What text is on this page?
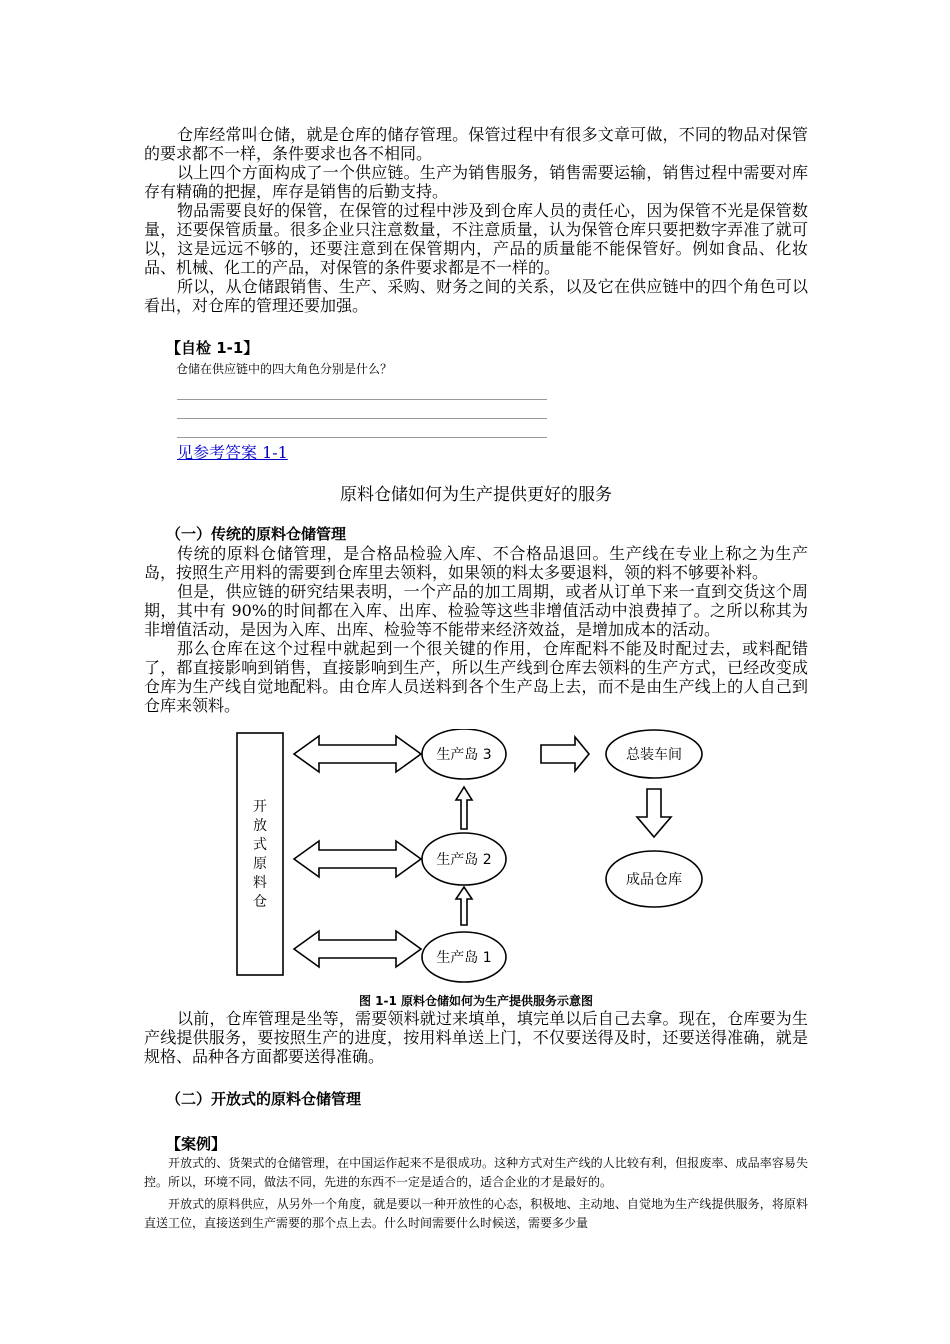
仓库经常叫仓储，就是仓库的储存管理。保管过程中有很多文章可做，不同的物品对保管的要求都不一样，条件要求也各不相同。

以上四个方面构成了一个供应链。生产为销售服务，销售需要运输，销售过程中需要对库存有精确的把握，库存是销售的后勤支持。

物品需要良好的保管，在保管的过程中涉及到仓库人员的责任心，因为保管不光是保管数量，还要保管质量。很多企业只注意数量，不注意质量，认为保管仓库只要把数字弄准了就可以，这是远远不够的，还要注意到在保管期内，产品的质量能不能保管好。例如食品、化妆品、机械、化工的产品，对保管的条件要求都是不一样的。

所以，从仓储跟销售、生产、采购、财务之间的关系，以及它在供应链中的四个角色可以看出，对仓库的管理还要加强。

【自检 1-1】
仓储在供应链中的四大角色分别是什么？
见参考答案 1-1
原料仓储如何为生产提供更好的服务
（一）传统的原料仓储管理

传统的原料仓储管理，是合格品检验入库、不合格品退回。生产线在专业上称之为生产岛，按照生产用料的需要到仓库里去领料，如果领的料太多要退料，领的料不够要补料。

但是，供应链的研究结果表明，一个产品的加工周期，或者从订单下来一直到交货这个周期，其中有 90%的时间都在入库、出库、检验等这些非增值活动中浪费掉了。之所以称其为非增值活动，是因为入库、出库、检验等不能带来经济效益，是增加成本的活动。

那么仓库在这个过程中就起到一个很关键的作用，仓库配料不能及时配过去，或料配错了，都直接影响到销售，直接影响到生产，所以生产线到仓库去领料的生产方式，已经改变成仓库为生产线自觉地配料。由仓库人员送料到各个生产岛上去，而不是由生产线上的人自己到仓库来领料。

开
放
式
原
料
仓
生产岛 3
生产岛 2
生产岛 1
总装车间
成品仓库
图 1-1 原料仓储如何为生产提供服务示意图

以前，仓库管理是坐等，需要领料就过来填单，填完单以后自己去拿。现在，仓库要为生产线提供服务，要按照生产的进度，按用料单送上门，不仅要送得及时，还要送得准确，就是规格、品种各方面都要送得准确。

（二）开放式的原料仓储管理
【案例】

开放式的、货架式的仓储管理，在中国运作起来不是很成功。这种方式对生产线的人比较有利，但报废率、成品率容易失控。所以，环境不同，做法不同，先进的东西不一定是适合的，适合企业的才是最好的。

开放式的原料供应，从另外一个角度，就是要以一种开放性的心态，积极地、主动地、自觉地为生产线提供服务，将原料直送工位，直接送到生产需要的那个点上去。什么时间需要什么时候送，需要多少量
